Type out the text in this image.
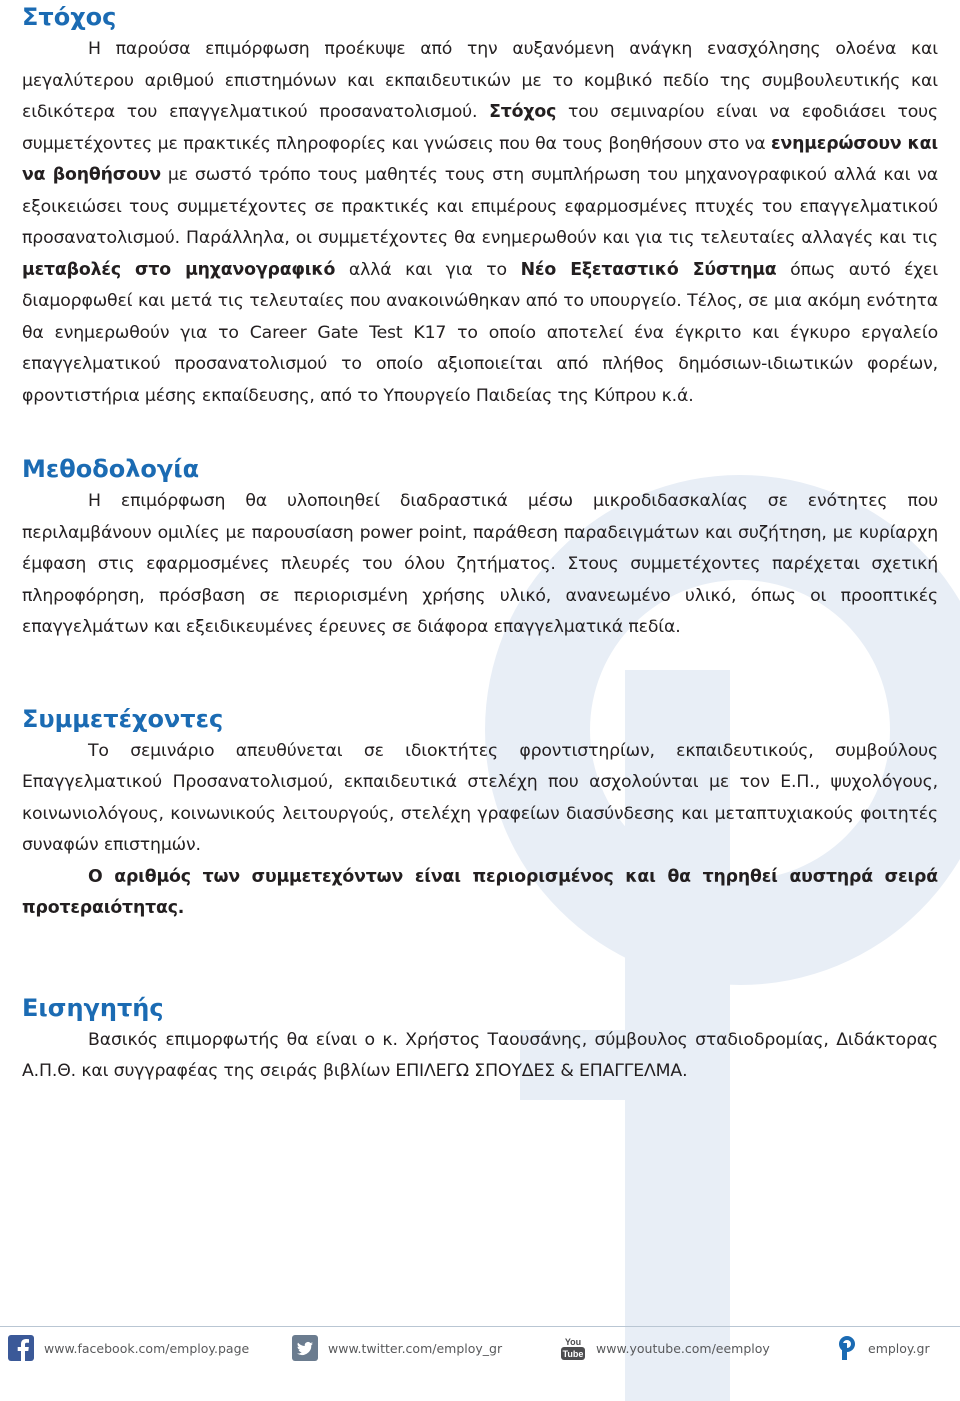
Στόχος

Η παρούσα επιμόρφωση προέκυψε από την αυξανόμενη ανάγκη ενασχόλησης ολοένα και μεγαλύτερου αριθμού επιστημόνων και εκπαιδευτικών με το κομβικό πεδίο της συμβουλευτικής και ειδικότερα του επαγγελματικού προσανατολισμού. Στόχος του σεμιναρίου είναι να εφοδιάσει τους συμμετέχοντες με πρακτικές πληροφορίες και γνώσεις που θα τους βοηθήσουν στο να ενημερώσουν και να βοηθήσουν με σωστό τρόπο τους μαθητές τους στη συμπλήρωση του μηχανογραφικού αλλά και να εξοικειώσει τους συμμετέχοντες σε πρακτικές και επιμέρους εφαρμοσμένες πτυχές του επαγγελματικού προσανατολισμού. Παράλληλα, οι συμμετέχοντες θα ενημερωθούν και για τις τελευταίες αλλαγές και τις μεταβολές στο μηχανογραφικό αλλά και για το Νέο Εξεταστικό Σύστημα όπως αυτό έχει διαμορφωθεί και μετά τις τελευταίες που ανακοινώθηκαν από το υπουργείο. Τέλος, σε μια ακόμη ενότητα θα ενημερωθούν για το Career Gate Test K17 το οποίο αποτελεί ένα έγκριτο και έγκυρο εργαλείο επαγγελματικού προσανατολισμού το οποίο αξιοποιείται από πλήθος δημόσιων-ιδιωτικών φορέων, φροντιστήρια μέσης εκπαίδευσης, από το Υπουργείο Παιδείας της Κύπρου κ.ά.

Μεθοδολογία

Η επιμόρφωση θα υλοποιηθεί διαδραστικά μέσω μικροδιδασκαλίας σε ενότητες που περιλαμβάνουν ομιλίες με παρουσίαση power point, παράθεση παραδειγμάτων και συζήτηση, με κυρίαρχη έμφαση στις εφαρμοσμένες πλευρές του όλου ζητήματος. Στους συμμετέχοντες παρέχεται σχετική πληροφόρηση, πρόσβαση σε περιορισμένη χρήσης υλικό, ανανεωμένο υλικό, όπως οι προοπτικές επαγγελμάτων και εξειδικευμένες έρευνες σε διάφορα επαγγελματικά πεδία.

Συμμετέχοντες

Το σεμινάριο απευθύνεται σε ιδιοκτήτες φροντιστηρίων, εκπαιδευτικούς, συμβούλους Επαγγελματικού Προσανατολισμού, εκπαιδευτικά στελέχη που ασχολούνται με τον Ε.Π., ψυχολόγους, κοινωνιολόγους, κοινωνικούς λειτουργούς, στελέχη γραφείων διασύνδεσης και μεταπτυχιακούς φοιτητές συναφών επιστημών.

Ο αριθμός των συμμετεχόντων είναι περιορισμένος και θα τηρηθεί αυστηρά σειρά προτεραιότητας.

Εισηγητής

Βασικός επιμορφωτής θα είναι ο κ. Χρήστος Ταουσάνης, σύμβουλος σταδιοδρομίας, Διδάκτορας Α.Π.Θ. και συγγραφέας της σειράς βιβλίων ΕΠΙΛΕΓΩ ΣΠΟΥΔΕΣ & ΕΠΑΓΓΕΛΜΑ.

www.facebook.com/employ.page	www.twitter.com/employ_gr	You
Tube www.youtube.com/eemploy	employ.gr
